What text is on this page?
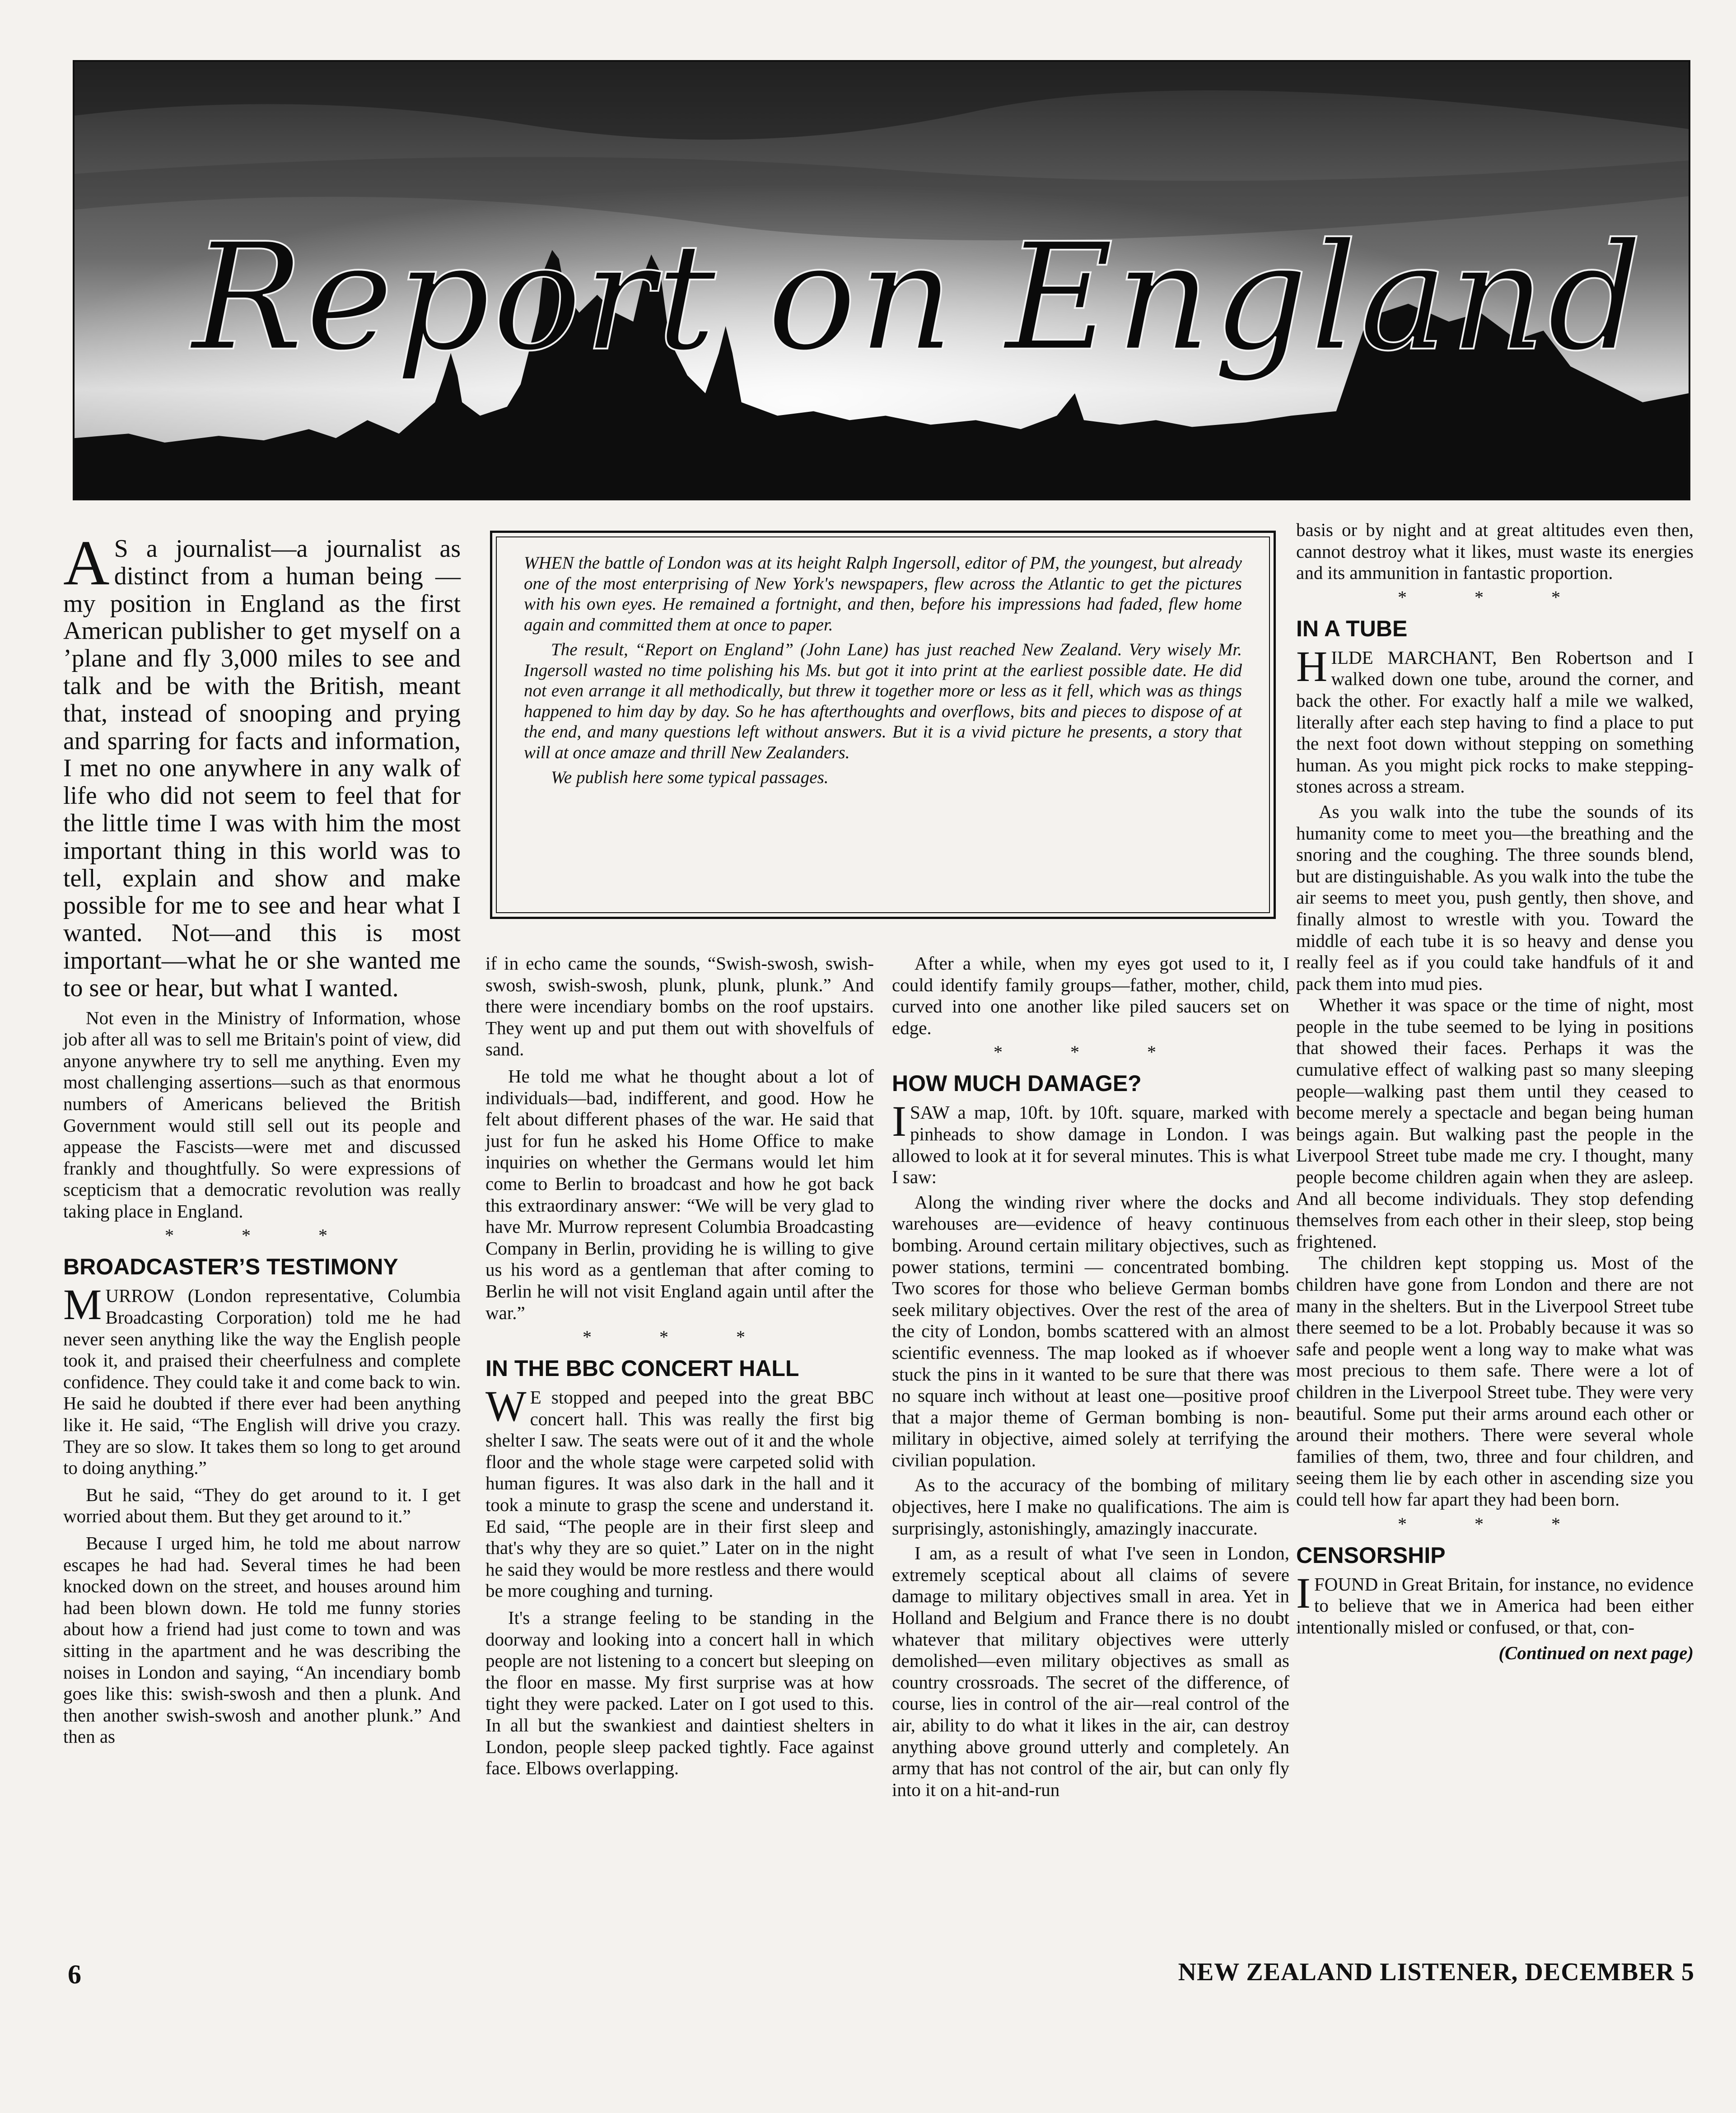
Report on England

WHEN the battle of London was at its height Ralph Ingersoll, editor of PM, the youngest, but already one of the most enterprising of New York's newspapers, flew across the Atlantic to get the pictures with his own eyes. He remained a fortnight, and then, before his impressions had faded, flew home again and committed them at once to paper.

The result, “Report on England” (John Lane) has just reached New Zealand. Very wisely Mr. Ingersoll wasted no time polishing his Ms. but got it into print at the earliest possible date. He did not even arrange it all methodically, but threw it together more or less as it fell, which was as things happened to him day by day. So he has afterthoughts and overflows, bits and pieces to dispose of at the end, and many questions left without answers. But it is a vivid picture he presents, a story that will at once amaze and thrill New Zealanders.

We publish here some typical passages.

A S a journalist—a journalist as distinct from a human being —my position in England as the first American publisher to get myself on a ’plane and fly 3,000 miles to see and talk and be with the British, meant that, instead of snooping and prying and sparring for facts and information, I met no one anywhere in any walk of life who did not seem to feel that for the little time I was with him the most important thing in this world was to tell, explain and show and make possible for me to see and hear what I wanted. Not—and this is most important—what he or she wanted me to see or hear, but what I wanted.

Not even in the Ministry of Information, whose job after all was to sell me Britain's point of view, did anyone anywhere try to sell me anything. Even my most challenging assertions—such as that enormous numbers of Americans believed the British Government would still sell out its people and appease the Fascists—were met and discussed frankly and thoughtfully. So were expressions of scepticism that a democratic revolution was really taking place in England.

* * *
BROADCASTER’S TESTIMONY

MURROW (London representative, Columbia Broadcasting Corporation) told me he had never seen anything like the way the English people took it, and praised their cheerfulness and complete confidence. They could take it and come back to win. He said he doubted if there ever had been anything like it. He said, “The English will drive you crazy. They are so slow. It takes them so long to get around to doing anything.”

But he said, “They do get around to it. I get worried about them. But they get around to it.”

Because I urged him, he told me about narrow escapes he had had. Several times he had been knocked down on the street, and houses around him had been blown down. He told me funny stories about how a friend had just come to town and was sitting in the apartment and he was describing the noises in London and saying, “An incendiary bomb goes like this: swish-swosh and then a plunk. And then another swish-swosh and another plunk.” And then as

if in echo came the sounds, “Swish-swosh, swish-swosh, swish-swosh, plunk, plunk, plunk.” And there were incendiary bombs on the roof upstairs. They went up and put them out with shovelfuls of sand.

He told me what he thought about a lot of individuals—bad, indifferent, and good. How he felt about different phases of the war. He said that just for fun he asked his Home Office to make inquiries on whether the Germans would let him come to Berlin to broadcast and how he got back this extraordinary answer: “We will be very glad to have Mr. Murrow represent Columbia Broadcasting Company in Berlin, providing he is willing to give us his word as a gentleman that after coming to Berlin he will not visit England again until after the war.”

* * *
IN THE BBC CONCERT HALL

W E stopped and peeped into the great BBC concert hall. This was really the first big shelter I saw. The seats were out of it and the whole floor and the whole stage were carpeted solid with human figures. It was also dark in the hall and it took a minute to grasp the scene and understand it. Ed said, “The people are in their first sleep and that's why they are so quiet.” Later on in the night he said they would be more restless and there would be more coughing and turning.

It's a strange feeling to be standing in the doorway and looking into a concert hall in which people are not listening to a concert but sleeping on the floor en masse. My first surprise was at how tight they were packed. Later on I got used to this. In all but the swankiest and daintiest shelters in London, people sleep packed tightly. Face against face. Elbows overlapping.

After a while, when my eyes got used to it, I could identify family groups—father, mother, child, curved into one another like piled saucers set on edge.

* * *
HOW MUCH DAMAGE?

ISAW a map, 10ft. by 10ft. square, marked with pinheads to show damage in London. I was allowed to look at it for several minutes. This is what I saw:

Along the winding river where the docks and warehouses are—evidence of heavy continuous bombing. Around certain military objectives, such as power stations, termini — concentrated bombing. Two scores for those who believe German bombs seek military objectives. Over the rest of the area of the city of London, bombs scattered with an almost scientific evenness. The map looked as if whoever stuck the pins in it wanted to be sure that there was no square inch without at least one—positive proof that a major theme of German bombing is non-military in objective, aimed solely at terrifying the civilian population.

As to the accuracy of the bombing of military objectives, here I make no qualifications. The aim is surprisingly, astonishingly, amazingly inaccurate.

I am, as a result of what I've seen in London, extremely sceptical about all claims of severe damage to military objectives small in area. Yet in Holland and Belgium and France there is no doubt whatever that military objectives were utterly demolished—even military objectives as small as country crossroads. The secret of the difference, of course, lies in control of the air—real control of the air, ability to do what it likes in the air, can destroy anything above ground utterly and completely. An army that has not control of the air, but can only fly into it on a hit-and-run

basis or by night and at great altitudes even then, cannot destroy what it likes, must waste its energies and its ammunition in fantastic proportion.

* * *
IN A TUBE

HILDE MARCHANT, Ben Robertson and I walked down one tube, around the corner, and back the other. For exactly half a mile we walked, literally after each step having to find a place to put the next foot down without stepping on something human. As you might pick rocks to make stepping-stones across a stream.

As you walk into the tube the sounds of its humanity come to meet you—the breathing and the snoring and the coughing. The three sounds blend, but are distinguishable. As you walk into the tube the air seems to meet you, push gently, then shove, and finally almost to wrestle with you. Toward the middle of each tube it is so heavy and dense you really feel as if you could take handfuls of it and pack them into mud pies.

Whether it was space or the time of night, most people in the tube seemed to be lying in positions that showed their faces. Perhaps it was the cumulative effect of walking past so many sleeping people—walking past them until they ceased to become merely a spectacle and began being human beings again. But walking past the people in the Liverpool Street tube made me cry. I thought, many people become children again when they are asleep. And all become individuals. They stop defending themselves from each other in their sleep, stop being frightened.

The children kept stopping us. Most of the children have gone from London and there are not many in the shelters. But in the Liverpool Street tube there seemed to be a lot. Probably because it was so safe and people went a long way to make what was most precious to them safe. There were a lot of children in the Liverpool Street tube. They were very beautiful. Some put their arms around each other or around their mothers. There were several whole families of them, two, three and four children, and seeing them lie by each other in ascending size you could tell how far apart they had been born.

* * *
CENSORSHIP

IFOUND in Great Britain, for instance, no evidence to believe that we in America had been either intentionally misled or confused, or that, con-

(Continued on next page)
6	NEW ZEALAND LISTENER, DECEMBER 5
